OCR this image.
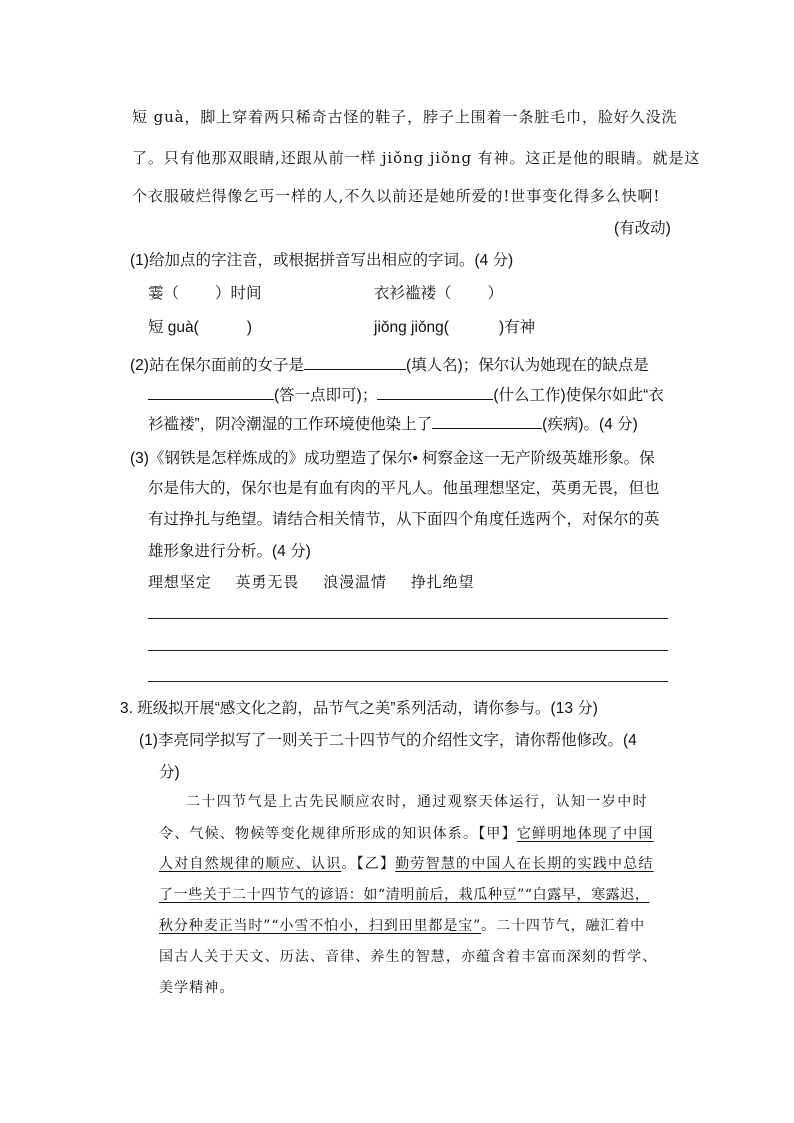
短 guà，脚上穿着两只稀奇古怪的鞋子，脖子上围着一条脏毛巾，脸好久没洗
了。只有他那双眼睛,还跟从前一样 jiǒng jiǒng 有神。这正是他的眼睛。就是这
个衣服破烂得像乞丐一样的人,不久以前还是她所爱的!世事变化得多么快啊!
(有改动)
(1)给加点的字注音，或根据拼音写出相应的字词。(4 分)
霎（ ）时间	衣衫褴褛（ ）
短 guà(	)	jiǒng jiǒng(	)有神
(2)站在保尔面前的女子是	(填人名)；保尔认为她现在的缺点是
(答一点即可)；	(什么工作)使保尔如此“衣
衫褴褛”，阴冷潮湿的工作环境使他染上了	(疾病)。(4 分)
(3)《钢铁是怎样炼成的》成功塑造了保尔• 柯察金这一无产阶级英雄形象。保
尔是伟大的，保尔也是有血有肉的平凡人。他虽理想坚定，英勇无畏，但也
有过挣扎与绝望。请结合相关情节，从下面四个角度任选两个，对保尔的英
雄形象进行分析。(4 分)
理想坚定 英勇无畏 浪漫温情 挣扎绝望
3. 班级拟开展“感文化之韵，品节气之美”系列活动，请你参与。(13 分)
(1)李亮同学拟写了一则关于二十四节气的介绍性文字，请你帮他修改。(4
分)
二十四节气是上古先民顺应农时，通过观察天体运行，认知一岁中时
令、气候、物候等变化规律所形成的知识体系。【甲】它鲜明地体现了中国
人对自然规律的顺应、认识。【乙】勤劳智慧的中国人在长期的实践中总结
了一些关于二十四节气的谚语：如“清明前后，栽瓜种豆”“白露早，寒露迟，
秋分种麦正当时”“小雪不怕小，扫到田里都是宝”。二十四节气，融汇着中
国古人关于天文、历法、音律、养生的智慧，亦蕴含着丰富而深刻的哲学、
美学精神。
